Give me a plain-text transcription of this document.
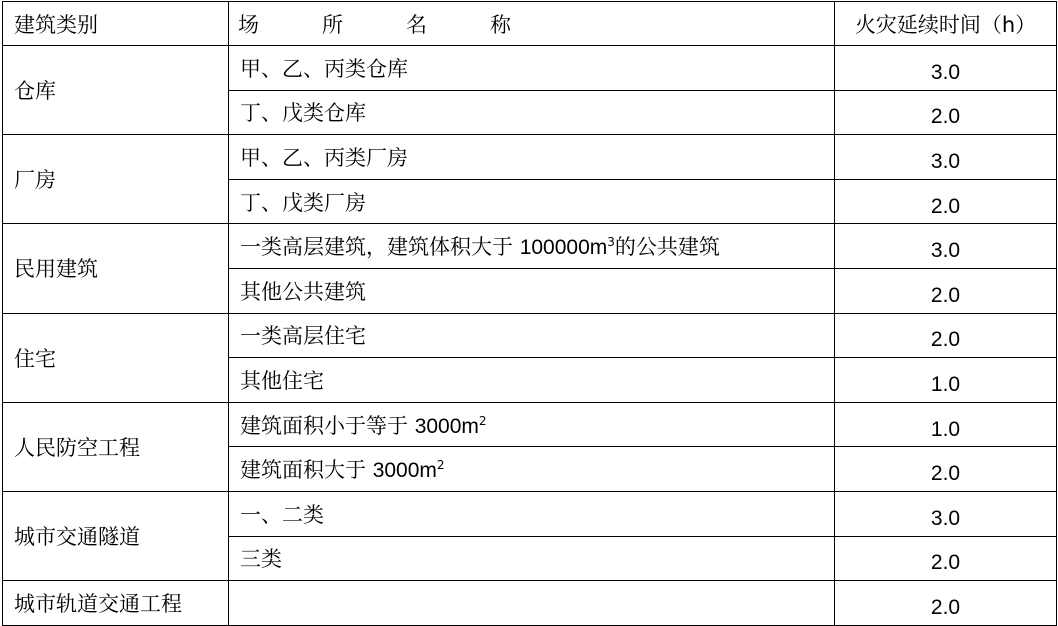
建筑类别	场 所 名 称	火灾延续时间（h）
仓库	甲、乙、丙类仓库	3.0
	丁、戊类仓库	2.0
厂房	甲、乙、丙类厂房	3.0
	丁、戊类厂房	2.0
民用建筑	一类高层建筑，建筑体积大于 $100000m^3$的公共建筑	3.0
	其他公共建筑	2.0
住宅	一类高层住宅	2.0
	其他住宅	1.0
人民防空工程	建筑面积小于等于 $3000m^2$	1.0
	建筑面积大于 $3000m^2$	2.0
城市交通隧道	一、二类	3.0
	三类	2.0
城市轨道交通工程		2.0
